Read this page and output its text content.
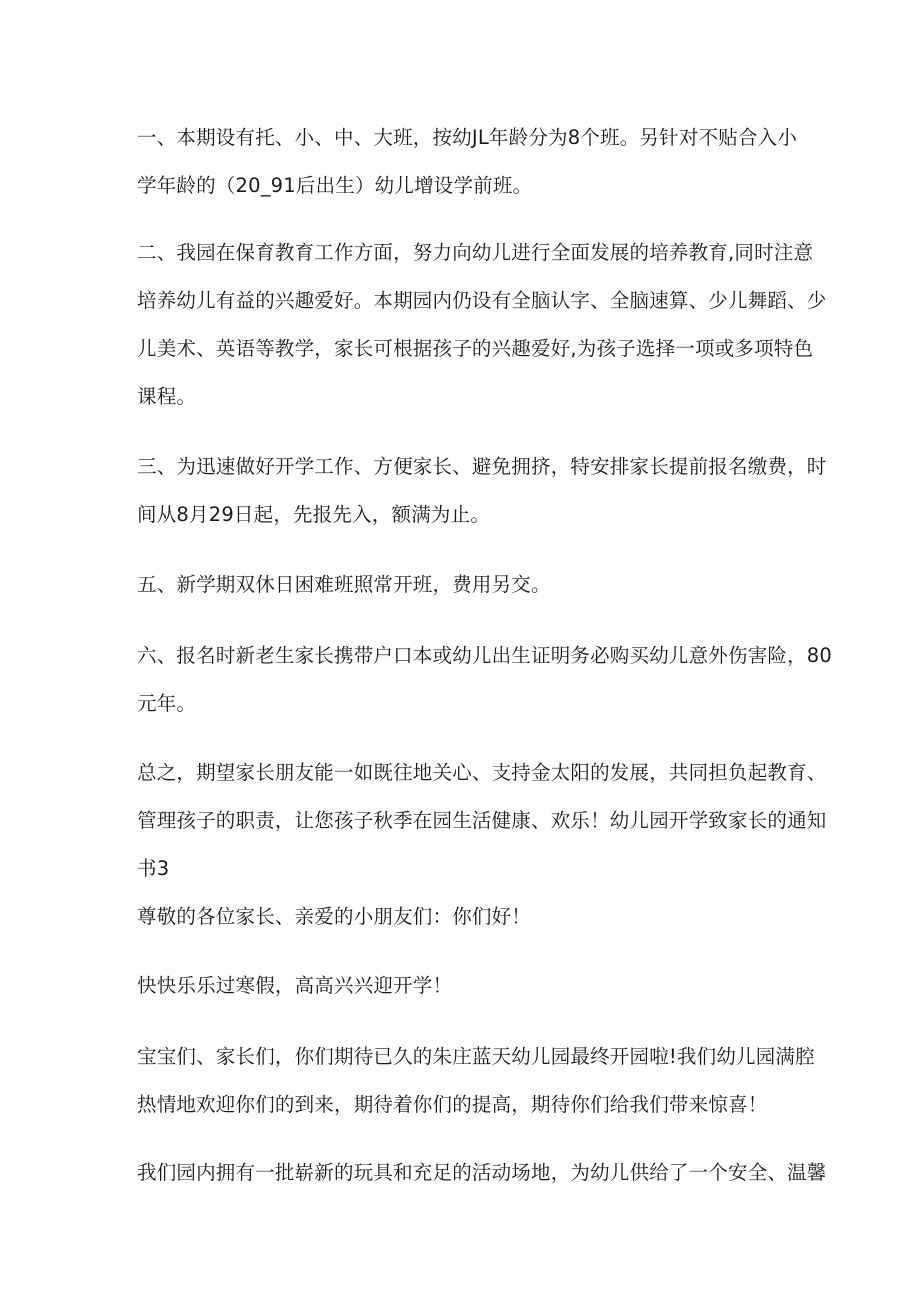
一、本期设有托、小、中、大班，按幼JL年龄分为8个班。另针对不贴合入小
学年龄的（20_91后出生）幼儿增设学前班。
二、我园在保育教育工作方面，努力向幼儿进行全面发展的培养教育,同时注意
培养幼儿有益的兴趣爱好。本期园内仍设有全脑认字、全脑速算、少儿舞蹈、少
儿美术、英语等教学，家长可根据孩子的兴趣爱好,为孩子选择一项或多项特色
课程。
三、为迅速做好开学工作、方便家长、避免拥挤，特安排家长提前报名缴费，时
间从8月29日起，先报先入，额满为止。
五、新学期双休日困难班照常开班，费用另交。
六、报名时新老生家长携带户口本或幼儿出生证明务必购买幼儿意外伤害险，80
元年。
总之，期望家长朋友能一如既往地关心、支持金太阳的发展，共同担负起教育、
管理孩子的职责，让您孩子秋季在园生活健康、欢乐！幼儿园开学致家长的通知
书3
尊敬的各位家长、亲爱的小朋友们：你们好！
快快乐乐过寒假，高高兴兴迎开学！
宝宝们、家长们，你们期待已久的朱庄蓝天幼儿园最终开园啦!我们幼儿园满腔
热情地欢迎你们的到来，期待着你们的提高，期待你们给我们带来惊喜！
我们园内拥有一批崭新的玩具和充足的活动场地，为幼儿供给了一个安全、温馨
